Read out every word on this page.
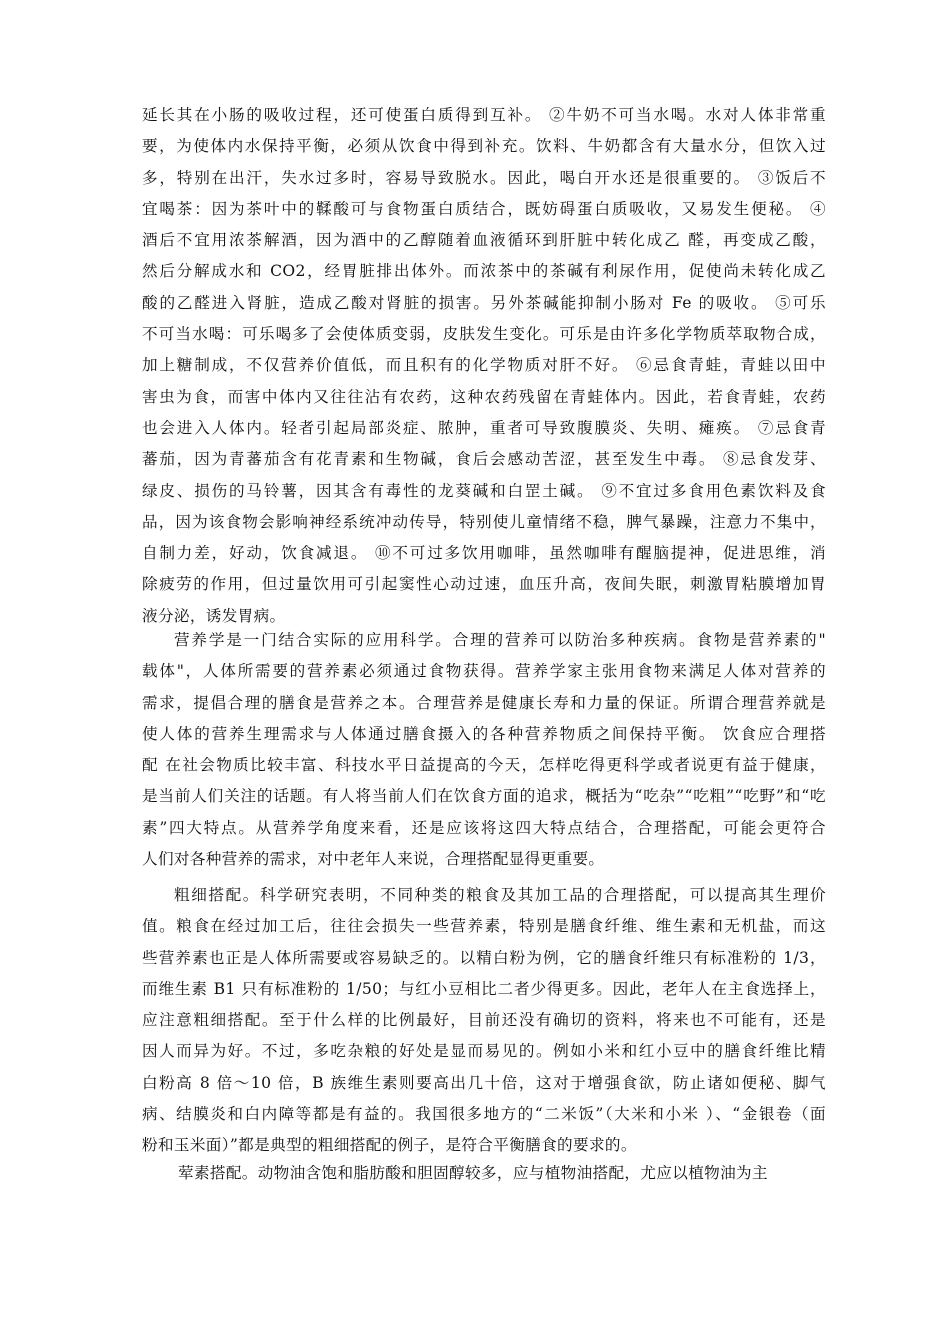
延长其在小肠的吸收过程，还可使蛋白质得到互补。 ②牛奶不可当水喝。水对人体非常重
要，为使体内水保持平衡，必须从饮食中得到补充。饮料、牛奶都含有大量水分，但饮入过
多，特别在出汗，失水过多时，容易导致脱水。因此，喝白开水还是很重要的。 ③饭后不
宜喝茶：因为茶叶中的鞣酸可与食物蛋白质结合，既妨碍蛋白质吸收，又易发生便秘。 ④
酒后不宜用浓茶解酒，因为酒中的乙醇随着血液循环到肝脏中转化成乙 醛，再变成乙酸，
然后分解成水和 CO2，经胃脏排出体外。而浓茶中的茶碱有利尿作用，促使尚未转化成乙
酸的乙醛进入肾脏，造成乙酸对肾脏的损害。另外茶碱能抑制小肠对 Fe 的吸收。 ⑤可乐
不可当水喝：可乐喝多了会使体质变弱，皮肤发生变化。可乐是由许多化学物质萃取物合成，
加上糖制成，不仅营养价值低，而且积有的化学物质对肝不好。 ⑥忌食青蛙，青蛙以田中
害虫为食，而害中体内又往往沾有农药，这种农药残留在青蛙体内。因此，若食青蛙，农药
也会进入人体内。轻者引起局部炎症、脓肿，重者可导致腹膜炎、失明、瘫痪。 ⑦忌食青
蕃茄，因为青蕃茄含有花青素和生物碱，食后会感动苦涩，甚至发生中毒。 ⑧忌食发芽、
绿皮、损伤的马铃薯，因其含有毒性的龙葵碱和白罡土碱。 ⑨不宜过多食用色素饮料及食
品，因为该食物会影响神经系统冲动传导，特别使儿童情绪不稳，脾气暴躁，注意力不集中，
自制力差，好动，饮食减退。 ⑩不可过多饮用咖啡，虽然咖啡有醒脑提神，促进思维，消
除疲劳的作用，但过量饮用可引起窦性心动过速，血压升高，夜间失眠，刺激胃粘膜增加胃
液分泌，诱发胃病。
营养学是一门结合实际的应用科学。合理的营养可以防治多种疾病。食物是营养素的"
载体"，人体所需要的营养素必须通过食物获得。营养学家主张用食物来满足人体对营养的
需求，提倡合理的膳食是营养之本。合理营养是健康长寿和力量的保证。所谓合理营养就是
使人体的营养生理需求与人体通过膳食摄入的各种营养物质之间保持平衡。 饮食应合理搭
配 在社会物质比较丰富、科技水平日益提高的今天，怎样吃得更科学或者说更有益于健康，
是当前人们关注的话题。有人将当前人们在饮食方面的追求，概括为“吃杂”“吃粗”“吃野”和“吃
素”四大特点。从营养学角度来看，还是应该将这四大特点结合，合理搭配，可能会更符合
人们对各种营养的需求，对中老年人来说，合理搭配显得更重要。
粗细搭配。科学研究表明，不同种类的粮食及其加工品的合理搭配，可以提高其生理价
值。粮食在经过加工后，往往会损失一些营养素，特别是膳食纤维、维生素和无机盐，而这
些营养素也正是人体所需要或容易缺乏的。以精白粉为例，它的膳食纤维只有标准粉的 1/3，
而维生素 B1 只有标准粉的 1/50；与红小豆相比二者少得更多。因此，老年人在主食选择上，
应注意粗细搭配。至于什么样的比例最好，目前还没有确切的资料，将来也不可能有，还是
因人而异为好。不过，多吃杂粮的好处是显而易见的。例如小米和红小豆中的膳食纤维比精
白粉高 8 倍～10 倍，B 族维生素则要高出几十倍，这对于增强食欲，防止诸如便秘、脚气
病、结膜炎和白内障等都是有益的。我国很多地方的“二米饭”（大米和小米 ）、“金银卷（面
粉和玉米面）”都是典型的粗细搭配的例子，是符合平衡膳食的要求的。
荤素搭配。动物油含饱和脂肪酸和胆固醇较多，应与植物油搭配，尤应以植物油为主
